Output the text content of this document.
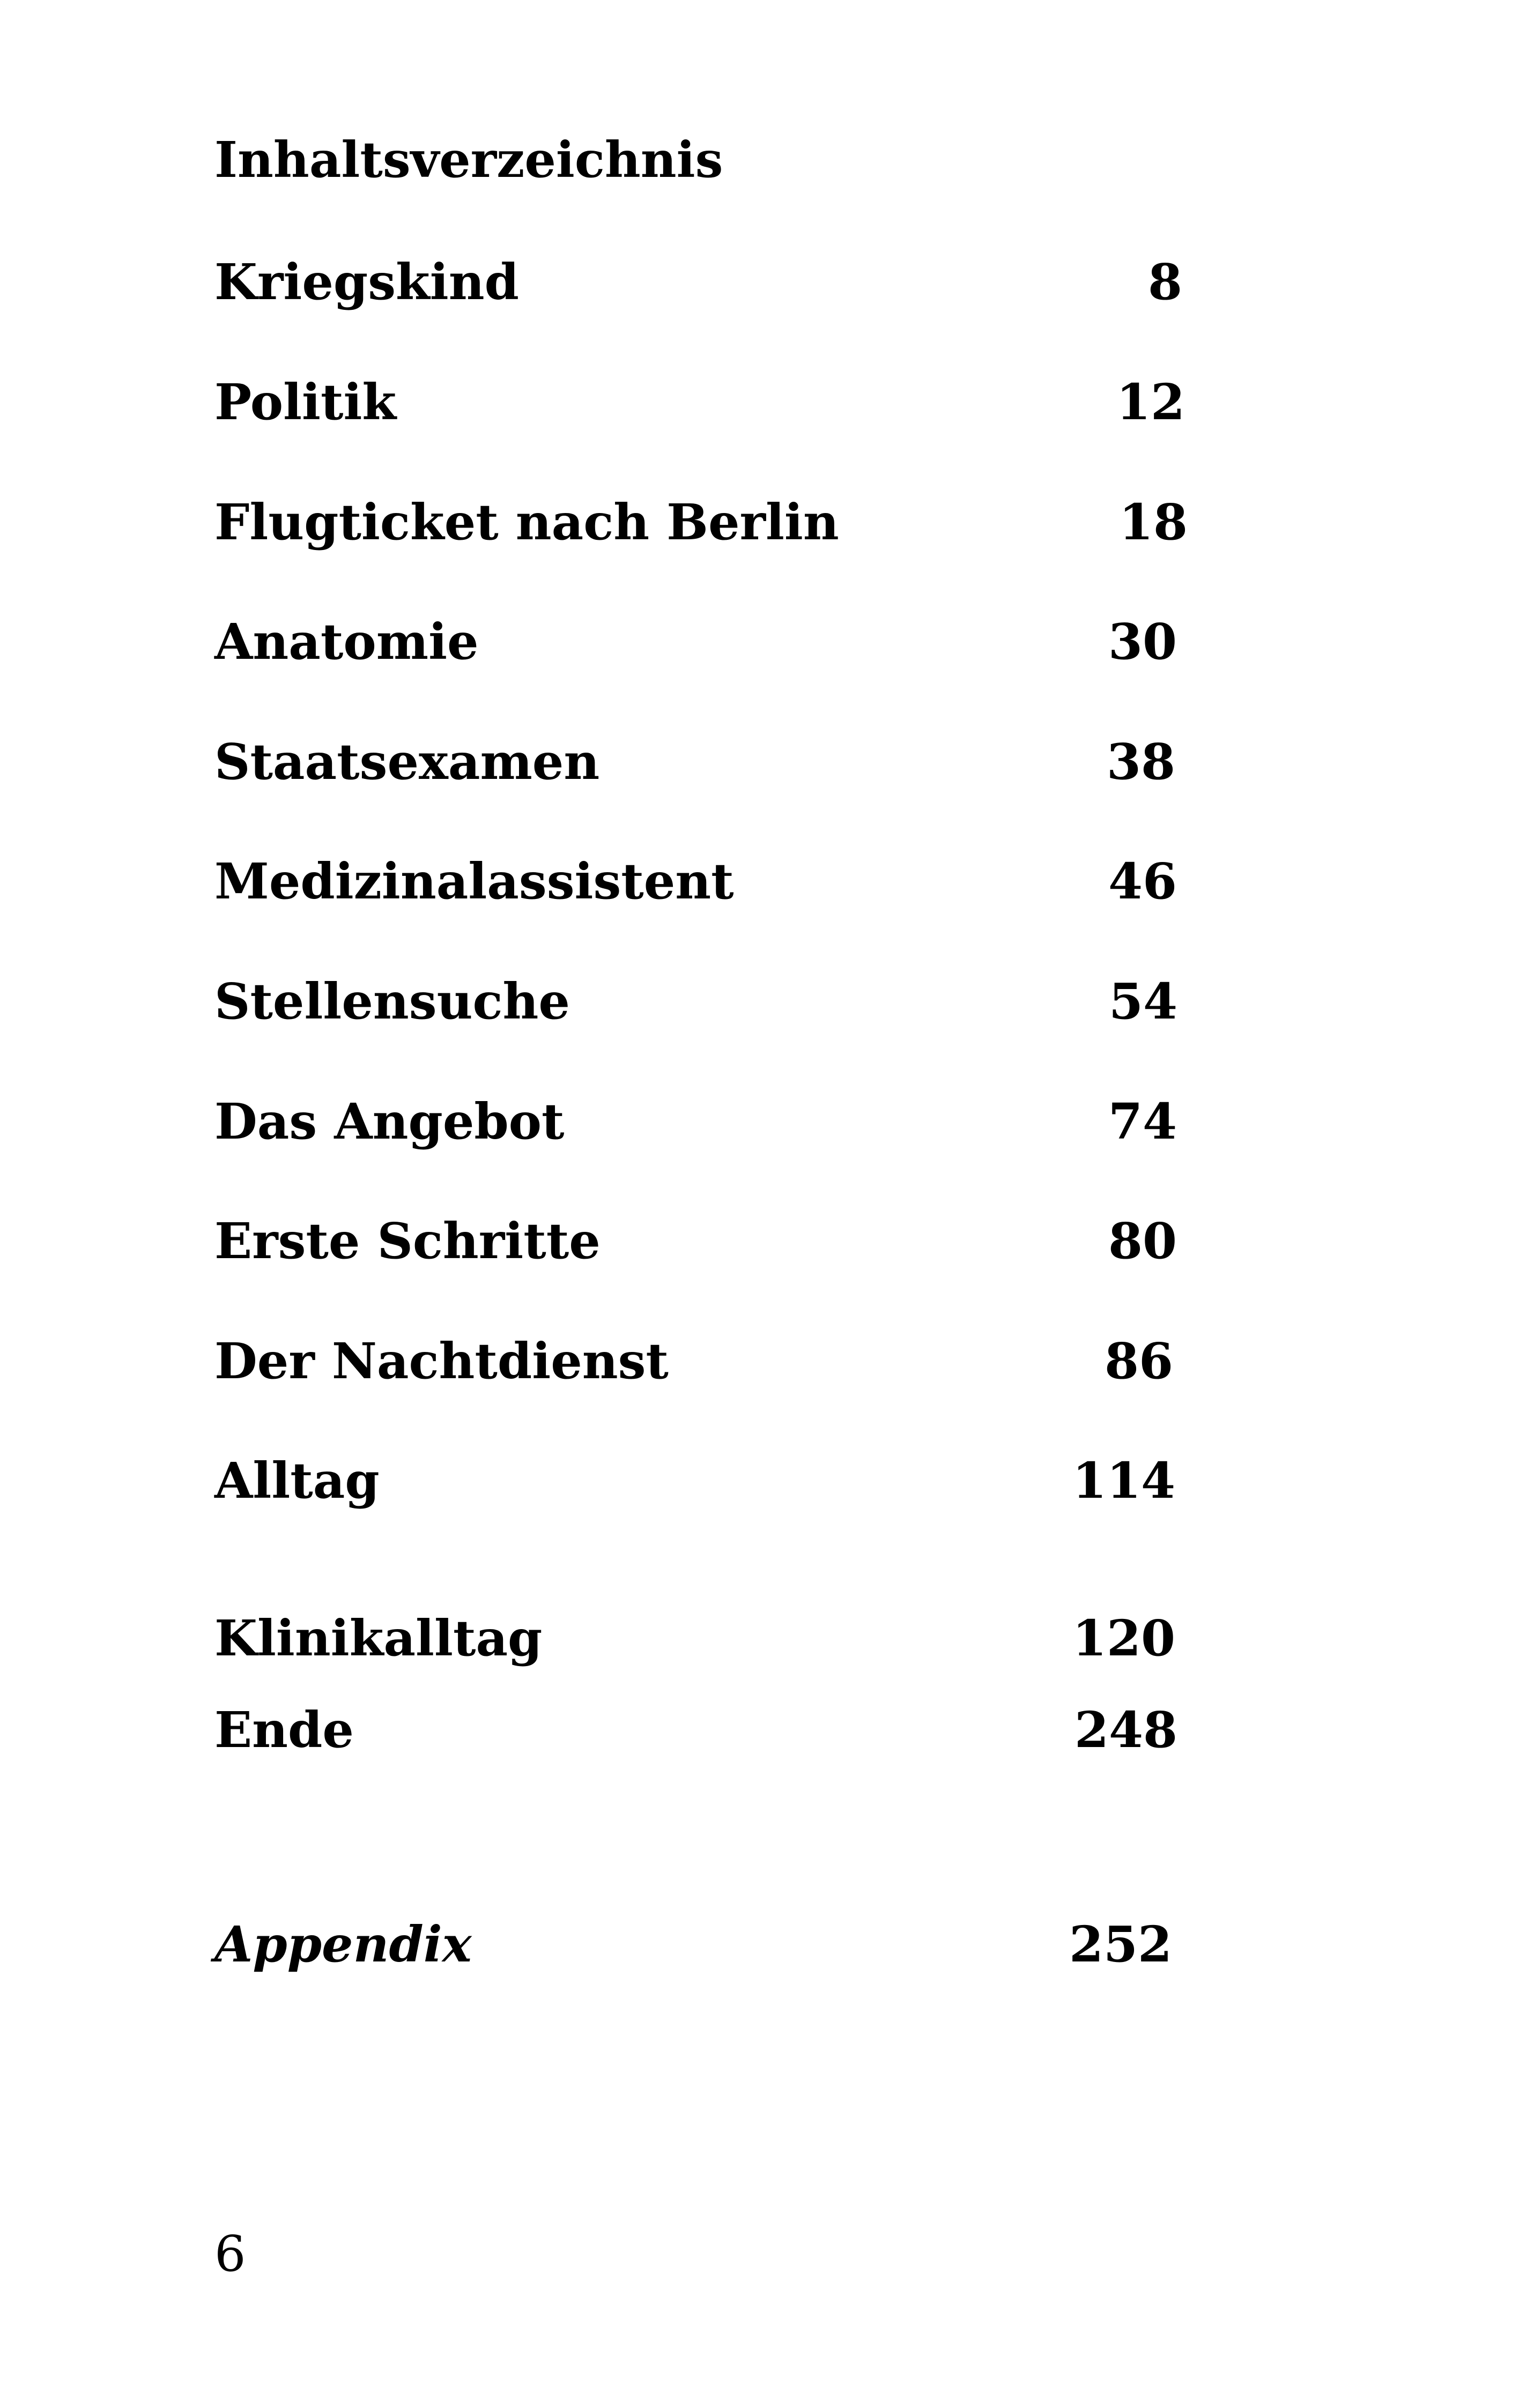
Inhaltsverzeichnis
Kriegskind	8
Politik	12
Flugticket nach Berlin	18
Anatomie	30
Staatsexamen	38
Medizinalassistent	46
Stellensuche	54
Das Angebot	74
Erste Schritte	80
Der Nachtdienst	86
Alltag	114
Klinikalltag	120
Ende	248
Appendix	252
6
